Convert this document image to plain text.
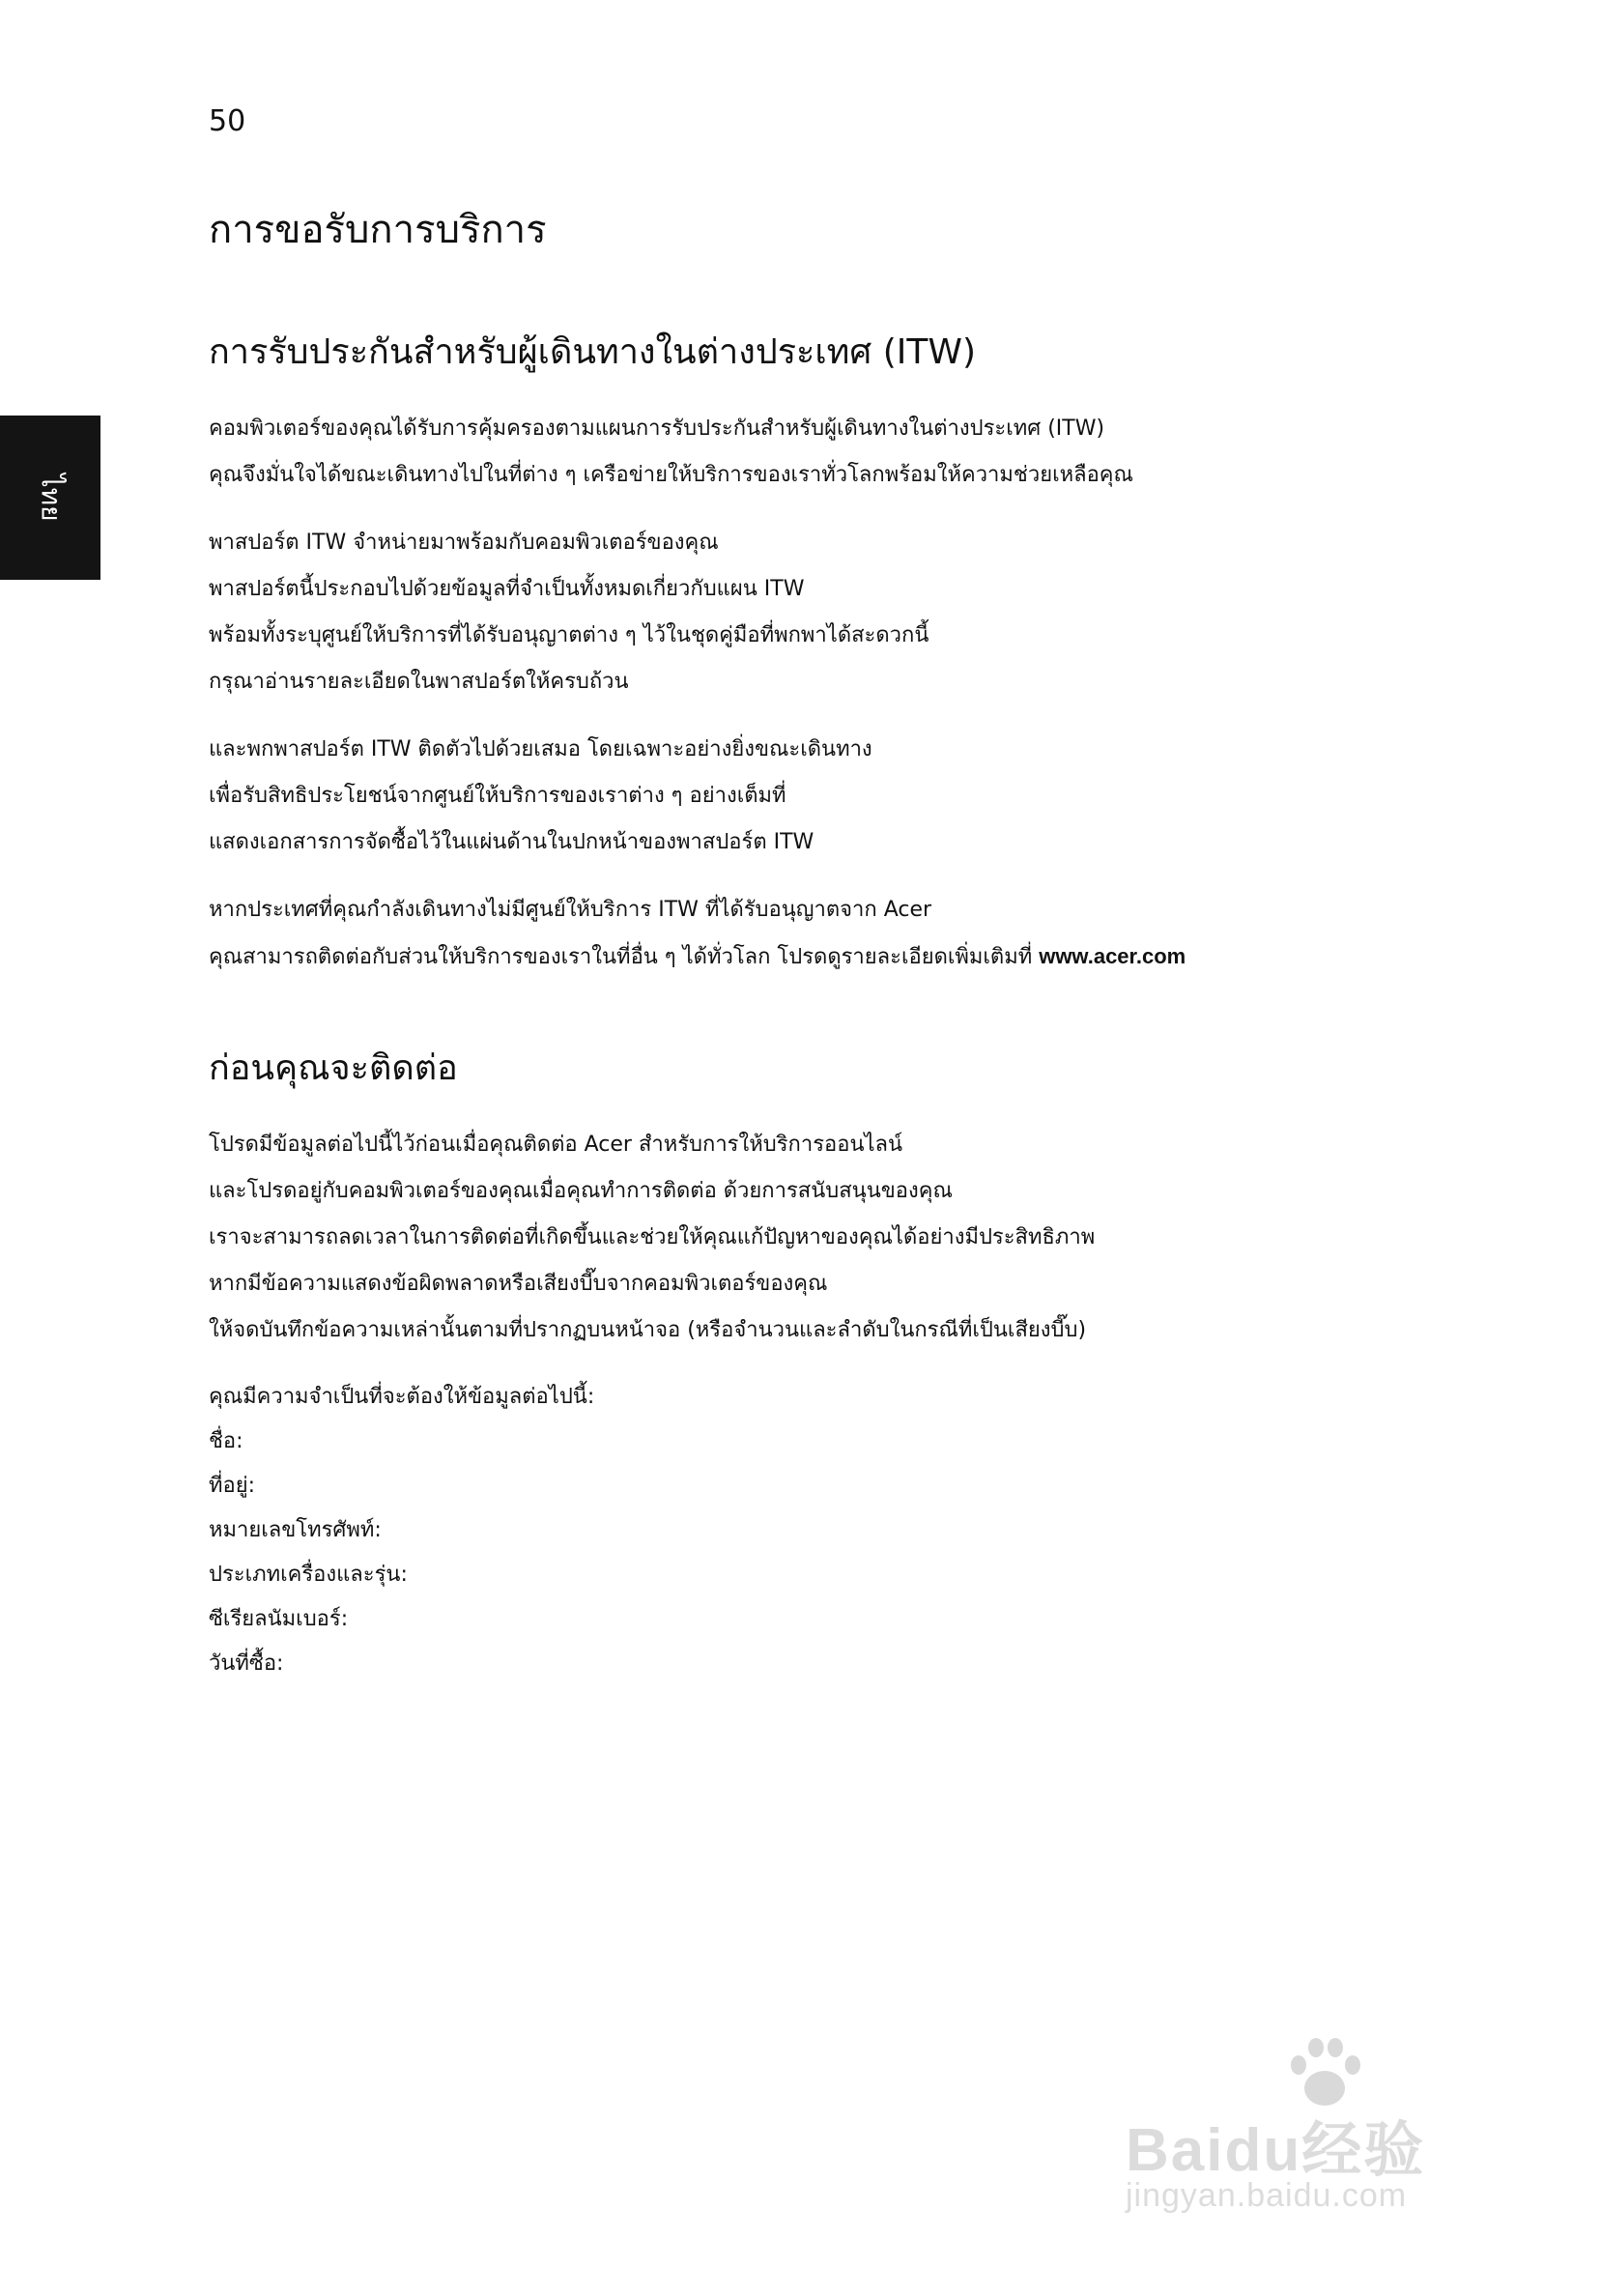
50
ไทย
การขอรับการบริการ
การรับประกันสำหรับผู้เดินทางในต่างประเทศ (ITW)
คอมพิวเตอร์ของคุณได้รับการคุ้มครองตามแผนการรับประกันสำหรับผู้เดินทางในต่างประเทศ (ITW)
คุณจึงมั่นใจได้ขณะเดินทางไปในที่ต่าง ๆ เครือข่ายให้บริการของเราทั่วโลกพร้อมให้ความช่วยเหลือคุณ
พาสปอร์ต ITW จำหน่ายมาพร้อมกับคอมพิวเตอร์ของคุณ
พาสปอร์ตนี้ประกอบไปด้วยข้อมูลที่จำเป็นทั้งหมดเกี่ยวกับแผน ITW
พร้อมทั้งระบุศูนย์ให้บริการที่ได้รับอนุญาตต่าง ๆ ไว้ในชุดคู่มือที่พกพาได้สะดวกนี้
กรุณาอ่านรายละเอียดในพาสปอร์ตให้ครบถ้วน
และพกพาสปอร์ต ITW ติดตัวไปด้วยเสมอ โดยเฉพาะอย่างยิ่งขณะเดินทาง
เพื่อรับสิทธิประโยชน์จากศูนย์ให้บริการของเราต่าง ๆ อย่างเต็มที่
แสดงเอกสารการจัดซื้อไว้ในแผ่นด้านในปกหน้าของพาสปอร์ต ITW
หากประเทศที่คุณกำลังเดินทางไม่มีศูนย์ให้บริการ ITW ที่ได้รับอนุญาตจาก Acer
คุณสามารถติดต่อกับส่วนให้บริการของเราในที่อื่น ๆ ได้ทั่วโลก โปรดดูรายละเอียดเพิ่มเติมที่ www.acer.com
ก่อนคุณจะติดต่อ
โปรดมีข้อมูลต่อไปนี้ไว้ก่อนเมื่อคุณติดต่อ Acer สำหรับการให้บริการออนไลน์
และโปรดอยู่กับคอมพิวเตอร์ของคุณเมื่อคุณทำการติดต่อ ด้วยการสนับสนุนของคุณ
เราจะสามารถลดเวลาในการติดต่อที่เกิดขึ้นและช่วยให้คุณแก้ปัญหาของคุณได้อย่างมีประสิทธิภาพ
หากมีข้อความแสดงข้อผิดพลาดหรือเสียงบี๊บจากคอมพิวเตอร์ของคุณ
ให้จดบันทึกข้อความเหล่านั้นตามที่ปรากฏบนหน้าจอ (หรือจำนวนและลำดับในกรณีที่เป็นเสียงบี๊บ)
คุณมีความจำเป็นที่จะต้องให้ข้อมูลต่อไปนี้:
ชื่อ:
ที่อยู่:
หมายเลขโทรศัพท์:
ประเภทเครื่องและรุ่น:
ซีเรียลนัมเบอร์:
วันที่ซื้อ:
Baidu经验
jingyan.baidu.com
